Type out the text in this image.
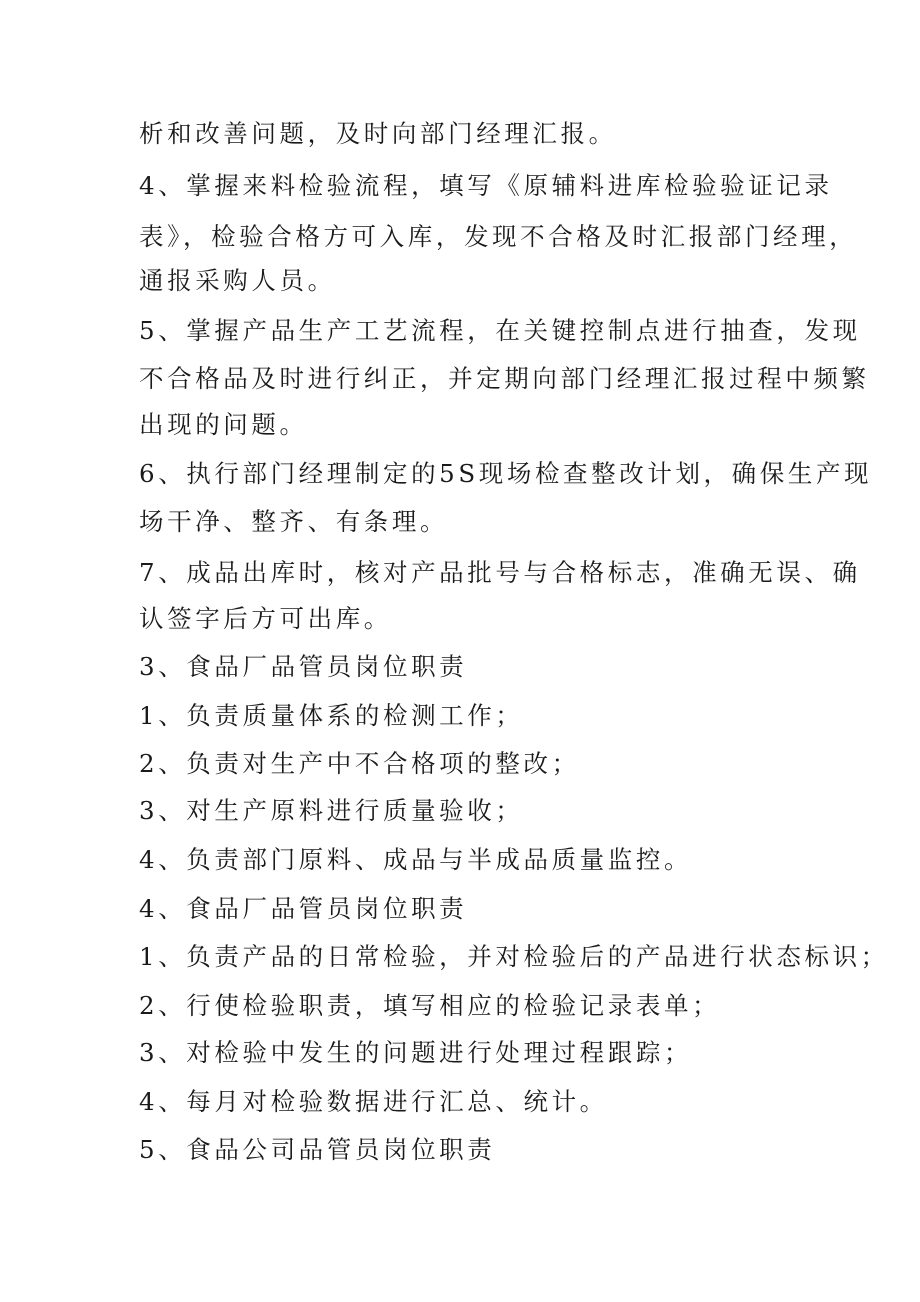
析和改善问题，及时向部门经理汇报。
4、掌握来料检验流程，填写《原辅料进库检验验证记录
表》，检验合格方可入库，发现不合格及时汇报部门经理，
通报采购人员。
5、掌握产品生产工艺流程，在关键控制点进行抽查，发现
不合格品及时进行纠正，并定期向部门经理汇报过程中频繁
出现的问题。
6、执行部门经理制定的5S现场检查整改计划，确保生产现
场干净、整齐、有条理。
7、成品出库时，核对产品批号与合格标志，准确无误、确
认签字后方可出库。
3、食品厂品管员岗位职责
1、负责质量体系的检测工作；
2、负责对生产中不合格项的整改；
3、对生产原料进行质量验收；
4、负责部门原料、成品与半成品质量监控。
4、食品厂品管员岗位职责
1、负责产品的日常检验，并对检验后的产品进行状态标识；
2、行使检验职责，填写相应的检验记录表单；
3、对检验中发生的问题进行处理过程跟踪；
4、每月对检验数据进行汇总、统计。
5、食品公司品管员岗位职责
